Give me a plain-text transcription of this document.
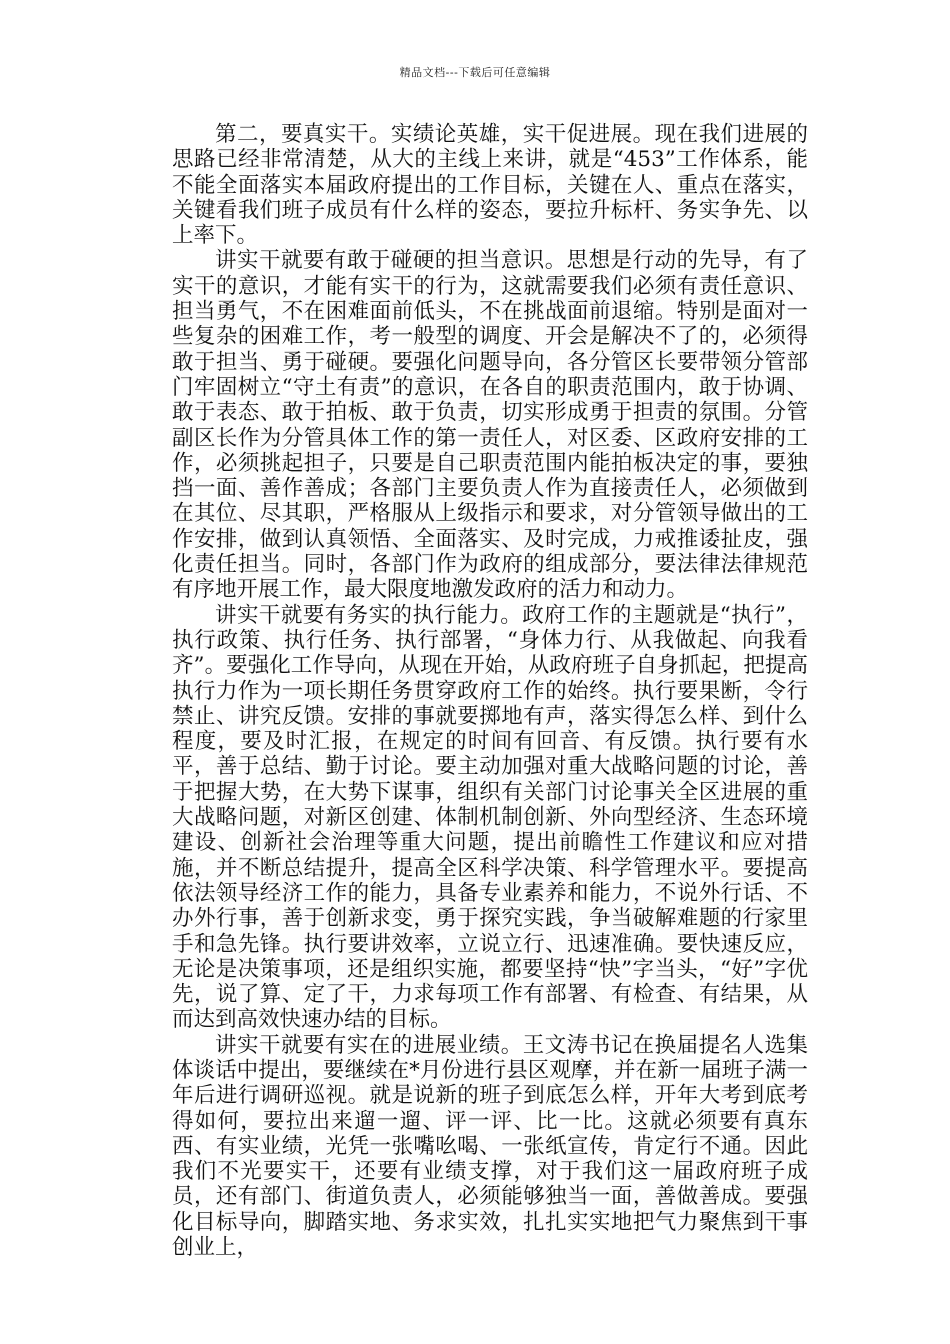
精品文档---下载后可任意编辑

第二，要真实干。实绩论英雄，实干促进展。现在我们进展的思路已经非常清楚，从大的主线上来讲，就是“453”工作体系，能不能全面落实本届政府提出的工作目标，关键在人、重点在落实，关键看我们班子成员有什么样的姿态，要拉升标杆、务实争先、以上率下。

讲实干就要有敢于碰硬的担当意识。思想是行动的先导，有了实干的意识，才能有实干的行为，这就需要我们必须有责任意识、担当勇气，不在困难面前低头，不在挑战面前退缩。特别是面对一些复杂的困难工作，考一般型的调度、开会是解决不了的，必须得敢于担当、勇于碰硬。要强化问题导向，各分管区长要带领分管部门牢固树立“守土有责”的意识，在各自的职责范围内，敢于协调、敢于表态、敢于拍板、敢于负责，切实形成勇于担责的氛围。分管副区长作为分管具体工作的第一责任人，对区委、区政府安排的工作，必须挑起担子，只要是自己职责范围内能拍板决定的事，要独挡一面、善作善成；各部门主要负责人作为直接责任人，必须做到在其位、尽其职，严格服从上级指示和要求，对分管领导做出的工作安排，做到认真领悟、全面落实、及时完成，力戒推诿扯皮，强化责任担当。同时，各部门作为政府的组成部分，要法律法律规范有序地开展工作，最大限度地激发政府的活力和动力。

讲实干就要有务实的执行能力。政府工作的主题就是“执行”，执行政策、执行任务、执行部署，“身体力行、从我做起、向我看齐”。要强化工作导向，从现在开始，从政府班子自身抓起，把提高执行力作为一项长期任务贯穿政府工作的始终。执行要果断，令行禁止、讲究反馈。安排的事就要掷地有声，落实得怎么样、到什么程度，要及时汇报，在规定的时间有回音、有反馈。执行要有水平，善于总结、勤于讨论。要主动加强对重大战略问题的讨论，善于把握大势，在大势下谋事，组织有关部门讨论事关全区进展的重大战略问题，对新区创建、体制机制创新、外向型经济、生态环境建设、创新社会治理等重大问题，提出前瞻性工作建议和应对措施，并不断总结提升，提高全区科学决策、科学管理水平。要提高依法领导经济工作的能力，具备专业素养和能力，不说外行话、不办外行事，善于创新求变，勇于探究实践，争当破解难题的行家里手和急先锋。执行要讲效率，立说立行、迅速准确。要快速反应，无论是决策事项，还是组织实施，都要坚持“快”字当头，“好”字优先，说了算、定了干，力求每项工作有部署、有检查、有结果，从而达到高效快速办结的目标。

讲实干就要有实在的进展业绩。王文涛书记在换届提名人选集体谈话中提出，要继续在*月份进行县区观摩，并在新一届班子满一年后进行调研巡视。就是说新的班子到底怎么样，开年大考到底考得如何，要拉出来遛一遛、评一评、比一比。这就必须要有真东西、有实业绩，光凭一张嘴吆喝、一张纸宣传，肯定行不通。因此我们不光要实干，还要有业绩支撑，对于我们这一届政府班子成员，还有部门、街道负责人，必须能够独当一面，善做善成。要强化目标导向，脚踏实地、务求实效，扎扎实实地把气力聚焦到干事创业上，
